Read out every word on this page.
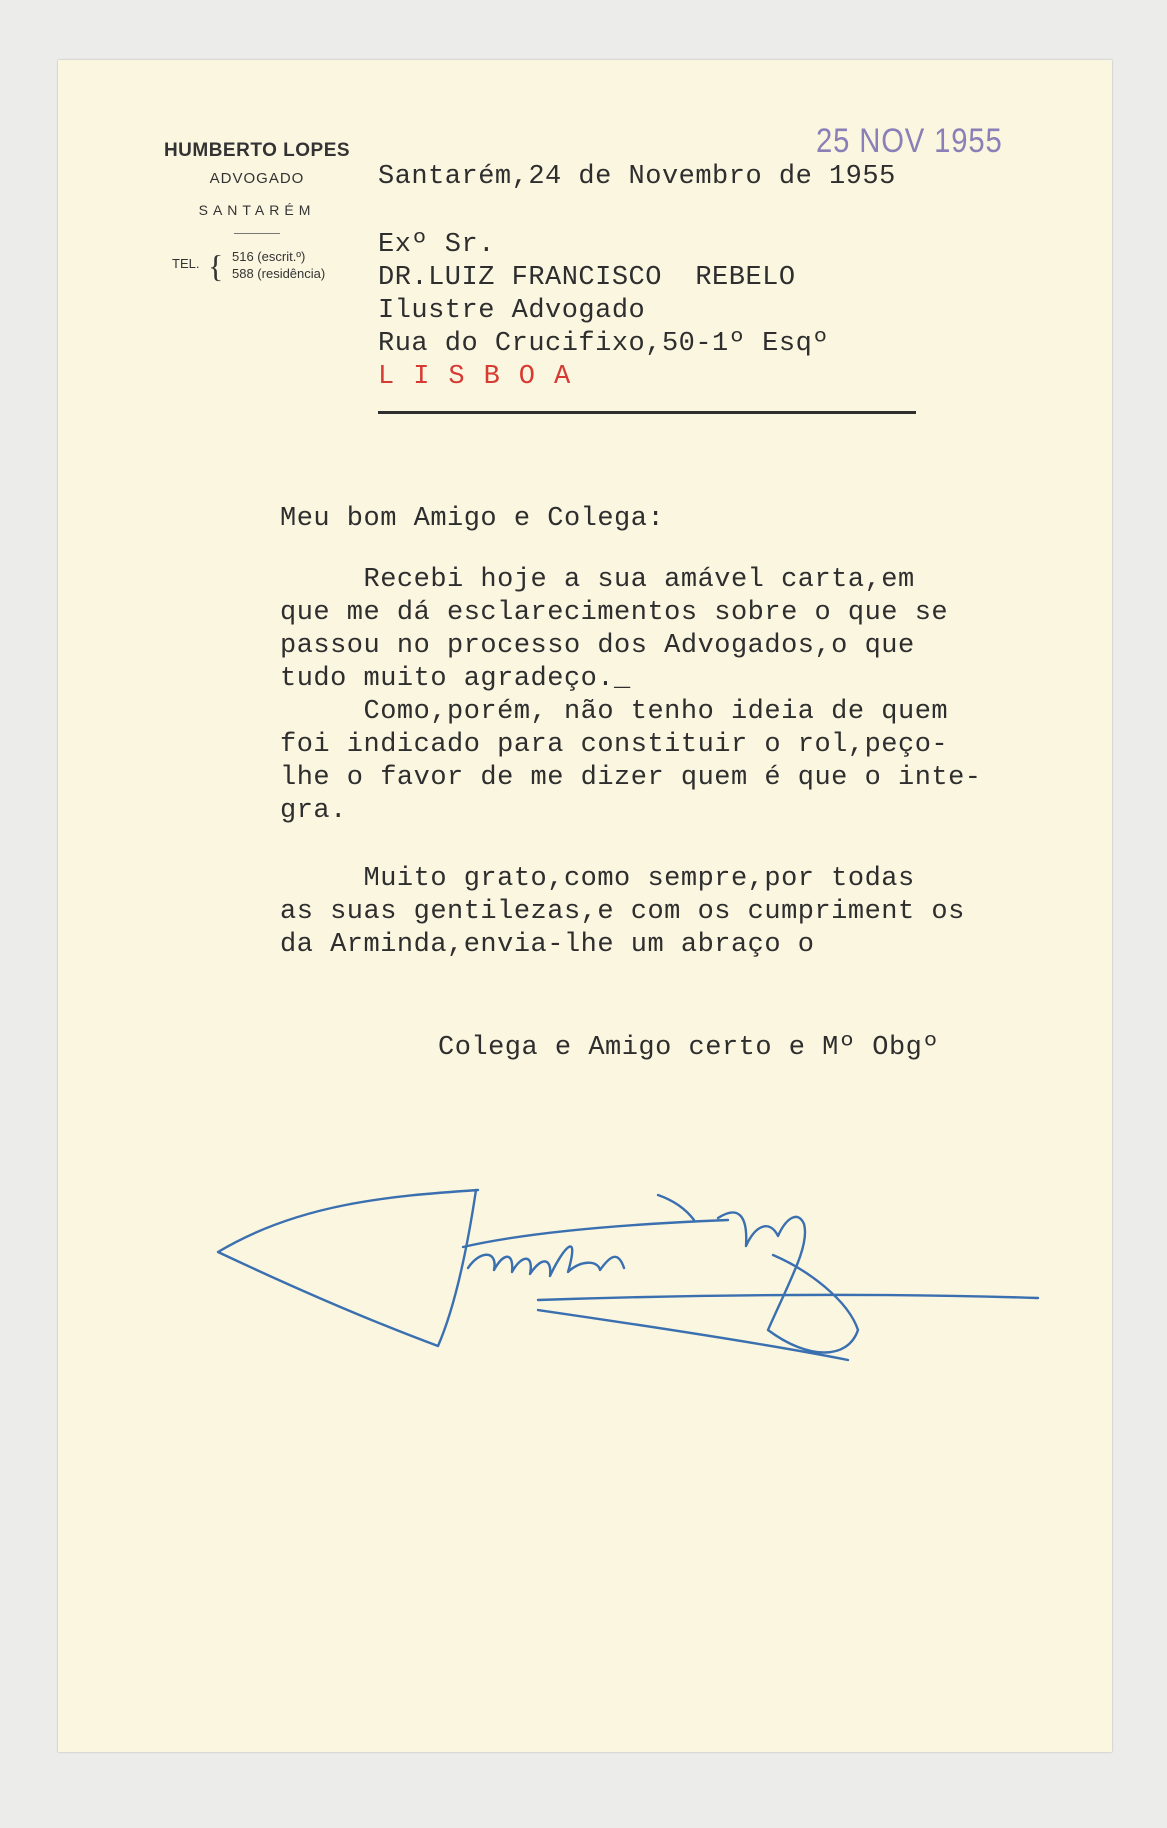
HUMBERTO LOPES
ADVOGADO
SANTARÉM
TEL. { 516 (escrit.º)
588 (residência)
25 NOV 1955
Santarém,24 de Novembro de 1955
Exº Sr.
DR.LUIZ FRANCISCO  REBELO
Ilustre Advogado
Rua do Crucifixo,50-1º Esqº
LISBOA
Meu bom Amigo e Colega:
Recebi hoje a sua amável carta,em
que me dá esclarecimentos sobre o que se
passou no processo dos Advogados,o que
tudo muito agradeço._
Como,porém, não tenho ideia de quem
foi indicado para constituir o rol,peço-
lhe o favor de me dizer quem é que o inte-
gra.
Muito grato,como sempre,por todas
as suas gentilezas,e com os cumpriment os
da Arminda,envia-lhe um abraço o
Colega e Amigo certo e Mº Obgº
